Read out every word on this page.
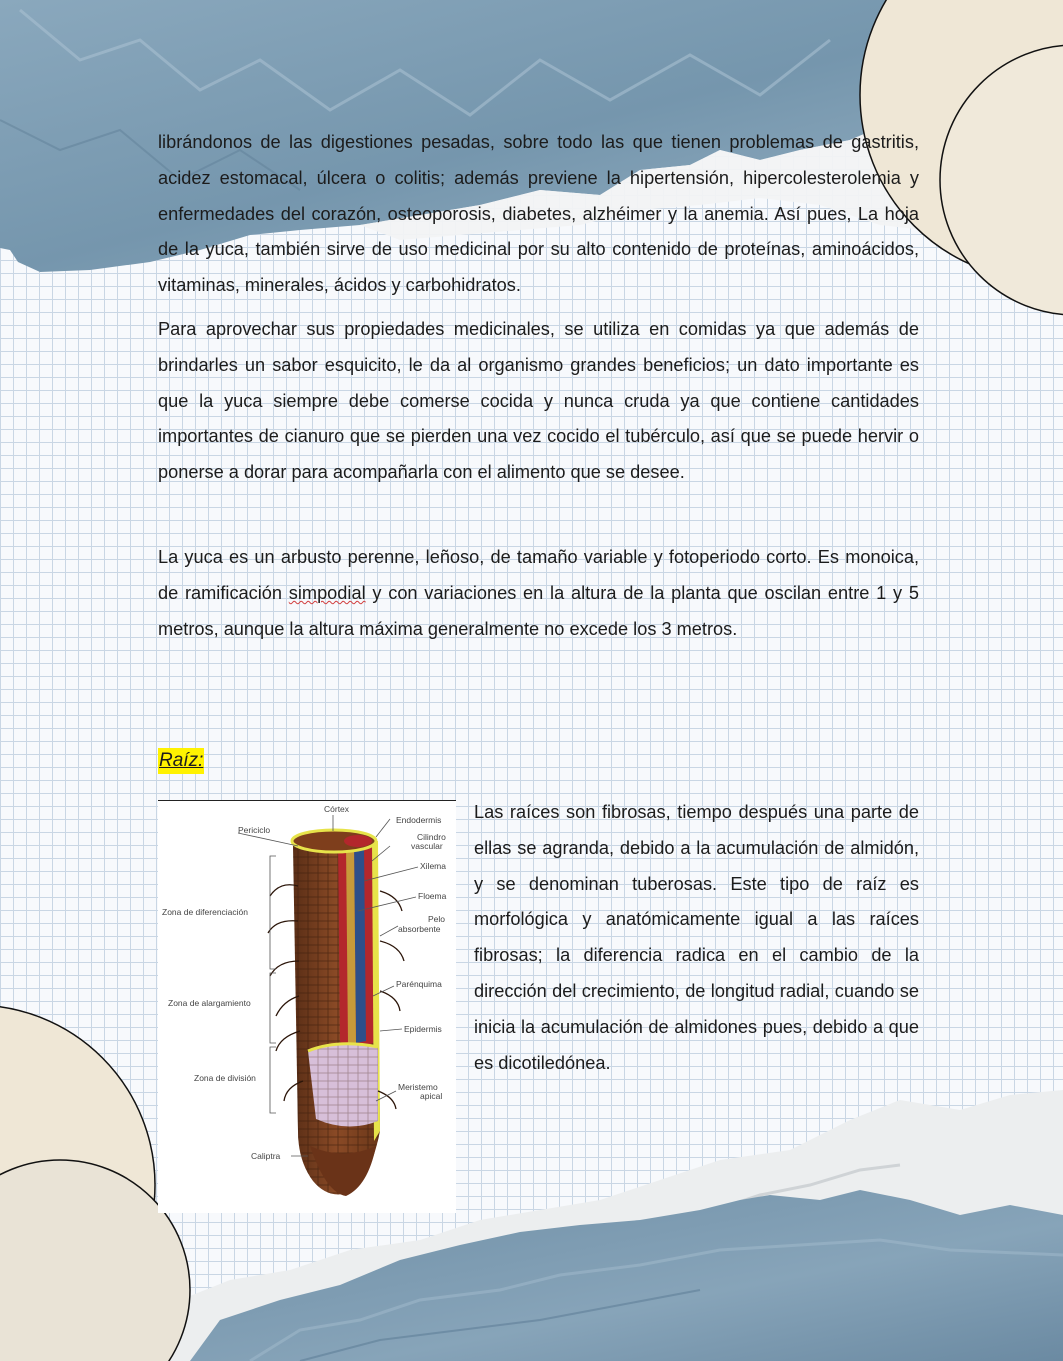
librándonos de las digestiones pesadas, sobre todo las que tienen problemas de gastritis, acidez estomacal, úlcera o colitis; además previene la hipertensión, hipercolesterolemia y enfermedades del corazón, osteoporosis, diabetes, alzhéimer y la anemia. Así pues, La hoja de la yuca, también sirve de uso medicinal por su alto contenido de proteínas, aminoácidos, vitaminas, minerales, ácidos y carbohidratos.

Para aprovechar sus propiedades medicinales, se utiliza en comidas ya que además de brindarles un sabor esquicito, le da al organismo grandes beneficios; un dato importante es que la yuca siempre debe comerse cocida y nunca cruda ya que contiene cantidades importantes de cianuro que se pierden una vez cocido el tubérculo, así que se puede hervir o ponerse a dorar para acompañarla con el alimento que se desee.

La yuca es un arbusto perenne, leñoso, de tamaño variable y fotoperiodo corto. Es monoica, de ramificación simpodial y con variaciones en la altura de la planta que oscilan entre 1 y 5 metros, aunque la altura máxima generalmente no excede los 3 metros.

Raíz:

Córtex
Endodermis
Periciclo
Cilindro
vascular
Xilema
Floema
Zona de diferenciación
Pelo
absorbente
Parénquima
Zona de alargamiento
Epidermis
Zona de división
Meristemo
apical
Caliptra

Las raíces son fibrosas, tiempo después una parte de ellas se agranda, debido a la acumulación de almidón, y se denominan tuberosas. Este tipo de raíz es morfológica y anatómicamente igual a las raíces fibrosas; la diferencia radica en el cambio de la dirección del crecimiento, de longitud radial, cuando se inicia la acumulación de almidones pues, debido a que es dicotiledónea.
